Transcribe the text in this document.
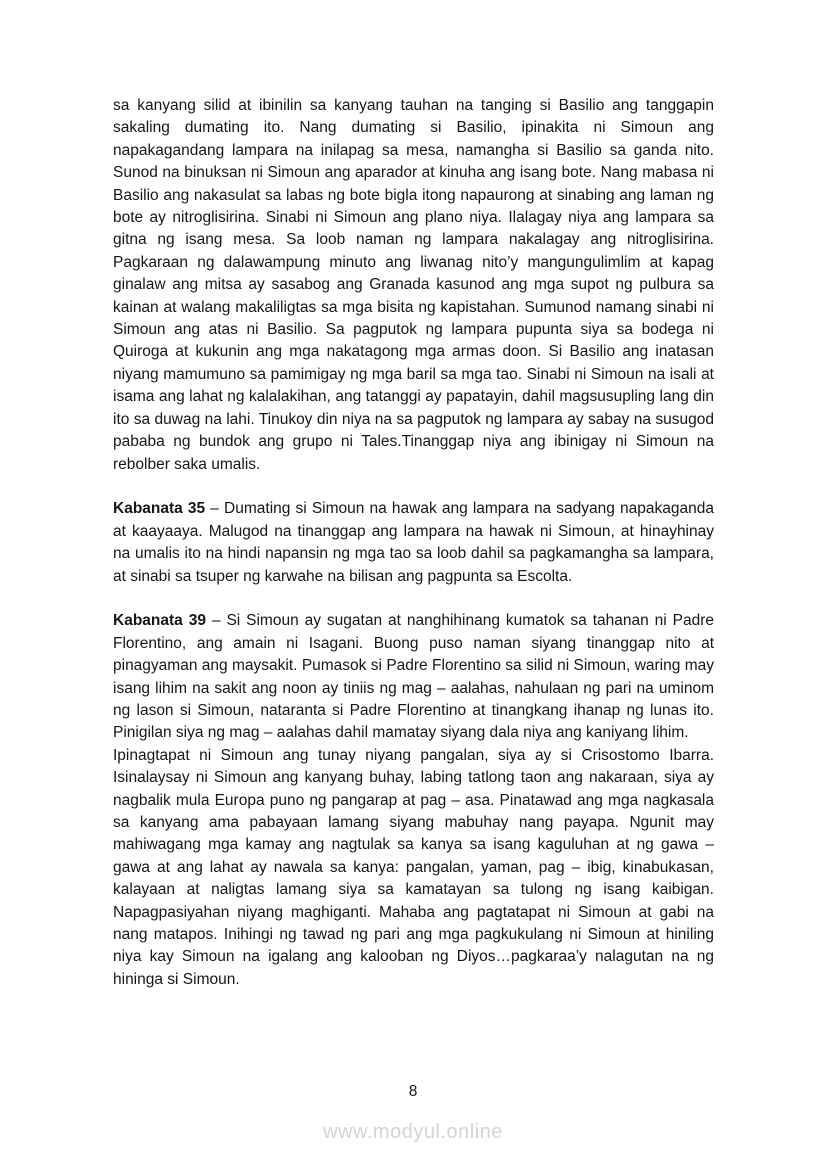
sa kanyang silid at ibinilin sa kanyang tauhan na tanging si Basilio ang tanggapin sakaling dumating ito. Nang dumating si Basilio, ipinakita ni Simoun ang napakagandang lampara na inilapag sa mesa, namangha si Basilio sa ganda nito. Sunod na binuksan ni Simoun ang aparador at kinuha ang isang bote. Nang mabasa ni Basilio ang nakasulat sa labas ng bote bigla itong napaurong at sinabing ang laman ng bote ay nitroglisirina. Sinabi ni Simoun ang plano niya. Ilalagay niya ang lampara sa gitna ng isang mesa. Sa loob naman ng lampara nakalagay ang nitroglisirina. Pagkaraan ng dalawampung minuto ang liwanag nito’y mangungulimlim at kapag ginalaw ang mitsa ay sasabog ang Granada kasunod ang mga supot ng pulbura sa kainan at walang makaliligtas sa mga bisita ng kapistahan. Sumunod namang sinabi ni Simoun ang atas ni Basilio. Sa pagputok ng lampara pupunta siya sa bodega ni Quiroga at kukunin ang mga nakatagong mga armas doon. Si Basilio ang inatasan niyang mamumuno sa pamimigay ng mga baril sa mga tao. Sinabi ni Simoun na isali at isama ang lahat ng kalalakihan, ang tatanggi ay papatayin, dahil magsusupling lang din ito sa duwag na lahi. Tinukoy din niya na sa pagputok ng lampara ay sabay na susugod pababa ng bundok ang grupo ni Tales.Tinanggap niya ang ibinigay ni Simoun na rebolber saka umalis.

Kabanata 35 – Dumating si Simoun na hawak ang lampara na sadyang napakaganda at kaayaaya. Malugod na tinanggap ang lampara na hawak ni Simoun, at hinayhinay na umalis ito na hindi napansin ng mga tao sa loob dahil sa pagkamangha sa lampara, at sinabi sa tsuper ng karwahe na bilisan ang pagpunta sa Escolta.

Kabanata 39 – Si Simoun ay sugatan at nanghihinang kumatok sa tahanan ni Padre Florentino, ang amain ni Isagani. Buong puso naman siyang tinanggap nito at pinagyaman ang maysakit. Pumasok si Padre Florentino sa silid ni Simoun, waring may isang lihim na sakit ang noon ay tiniis ng mag – aalahas, nahulaan ng pari na uminom ng lason si Simoun, nataranta si Padre Florentino at tinangkang ihanap ng lunas ito. Pinigilan siya ng mag – aalahas dahil mamatay siyang dala niya ang kaniyang lihim.

Ipinagtapat ni Simoun ang tunay niyang pangalan, siya ay si Crisostomo Ibarra. Isinalaysay ni Simoun ang kanyang buhay, labing tatlong taon ang nakaraan, siya ay nagbalik mula Europa puno ng pangarap at pag – asa. Pinatawad ang mga nagkasala sa kanyang ama pabayaan lamang siyang mabuhay nang payapa. Ngunit may mahiwagang mga kamay ang nagtulak sa kanya sa isang kaguluhan at ng gawa – gawa at ang lahat ay nawala sa kanya: pangalan, yaman, pag – ibig, kinabukasan, kalayaan at naligtas lamang siya sa kamatayan sa tulong ng isang kaibigan. Napagpasiyahan niyang maghiganti. Mahaba ang pagtatapat ni Simoun at gabi na nang matapos. Inihingi ng tawad ng pari ang mga pagkukulang ni Simoun at hiniling niya kay Simoun na igalang ang kalooban ng Diyos…pagkaraa’y nalagutan na ng hininga si Simoun.

8
www.modyul.online
